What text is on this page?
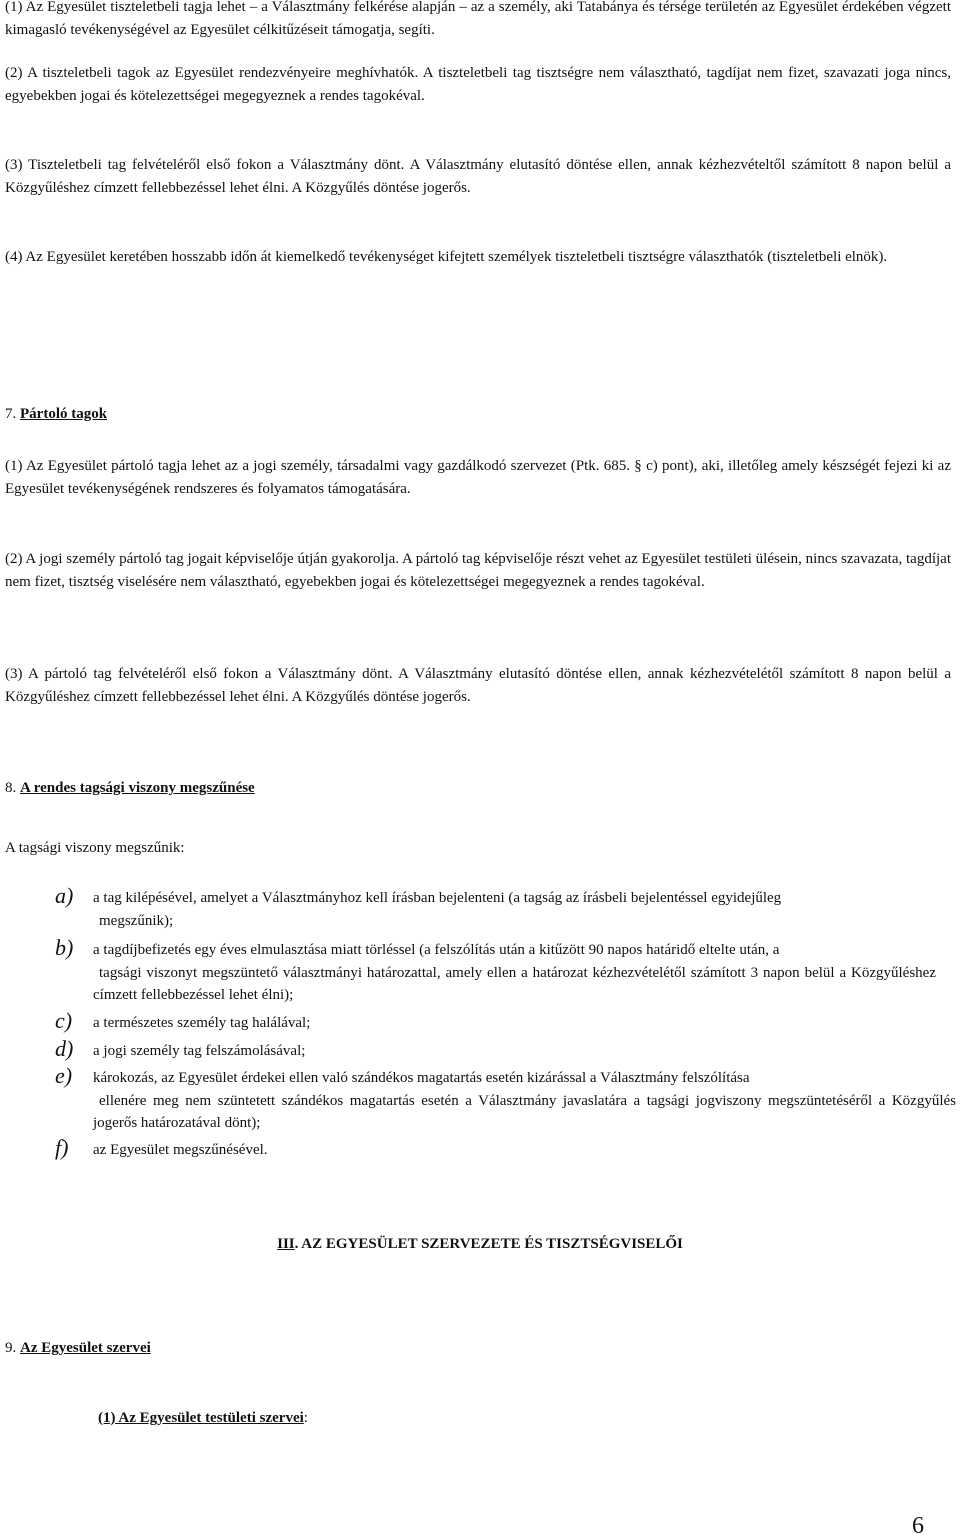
(1) Az Egyesület tiszteletbeli tagja lehet – a Választmány felkérése alapján – az a személy, aki Tatabánya és térsége területén az Egyesület érdekében végzett kimagasló tevékenységével az Egyesület célkitűzéseit támogatja, segíti.

(2) A tiszteletbeli tagok az Egyesület rendezvényeire meghívhatók. A tiszteletbeli tag tisztségre nem választható, tagdíjat nem fizet, szavazati joga nincs, egyebekben jogai és kötelezettségei megegyeznek a rendes tagokéval.

(3) Tiszteletbeli tag felvételéről első fokon a Választmány dönt. A Választmány elutasító döntése ellen, annak kézhezvételtől számított 8 napon belül a Közgyűléshez címzett fellebbezéssel lehet élni. A Közgyűlés döntése jogerős.

(4) Az Egyesület keretében hosszabb időn át kiemelkedő tevékenységet kifejtett személyek tiszteletbeli tisztségre választhatók (tiszteletbeli elnök).

7. Pártoló tagok

(1) Az Egyesület pártoló tagja lehet az a jogi személy, társadalmi vagy gazdálkodó szervezet (Ptk. 685. § c) pont), aki, illetőleg amely készségét fejezi ki az Egyesület tevékenységének rendszeres és folyamatos támogatására.

(2) A jogi személy pártoló tag jogait képviselője útján gyakorolja. A pártoló tag képviselője részt vehet az Egyesület testületi ülésein, nincs szavazata, tagdíjat nem fizet, tisztség viselésére nem választható, egyebekben jogai és kötelezettségei megegyeznek a rendes tagokéval.

(3) A pártoló tag felvételéről első fokon a Választmány dönt. A Választmány elutasító döntése ellen, annak kézhezvételétől számított 8 napon belül a Közgyűléshez címzett fellebbezéssel lehet élni. A Közgyűlés döntése jogerős.

8. A rendes tagsági viszony megszűnése

A tagsági viszony megszűnik:

a)	a tag kilépésével, amelyet a Választmányhoz kell írásban bejelenteni (a tagság az írásbeli bejelentéssel egyidejűleg
megszűnik);
b)	a tagdíjbefizetés egy éves elmulasztása miatt törléssel (a felszólítás után a kitűzött 90 napos határidő eltelte után, a
tagsági viszonyt megszüntető választmányi határozattal, amely ellen a határozat kézhezvételétől számított 3 napon belül a Közgyűléshez címzett fellebbezéssel lehet élni);
c)	a természetes személy tag halálával;
d)	a jogi személy tag felszámolásával;
e)	károkozás, az Egyesület érdekei ellen való szándékos magatartás esetén kizárással a Választmány felszólítása
ellenére meg nem szüntetett szándékos magatartás esetén a Választmány javaslatára a tagsági jogviszony megszüntetéséről a Közgyűlés jogerős határozatával dönt);
f)	az Egyesület megszűnésével.
III. AZ EGYESÜLET SZERVEZETE ÉS TISZTSÉGVISELŐI
9. Az Egyesület szervei
(1) Az Egyesület testületi szervei:
6
